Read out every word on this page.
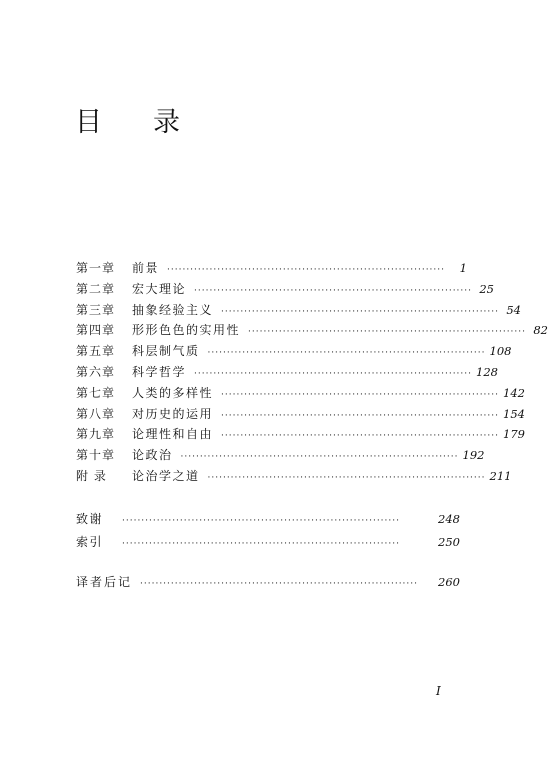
目 录
第一章	前景 ········································································	1
第二章	宏大理论 ········································································ 25
第三章	抽象经验主义 ········································································ 54
第四章	形形色色的实用性 ········································································ 82
第五章	科层制气质 ········································································ 108
第六章	科学哲学 ········································································ 128
第七章	人类的多样性 ········································································ 142
第八章	对历史的运用 ········································································ 154
第九章	论理性和自由 ········································································ 179
第十章	论政治 ········································································ 192
附 录	论治学之道 ········································································ 211
致谢	········································································	248
索引	········································································	250
译者后记 ········································································	260
I
